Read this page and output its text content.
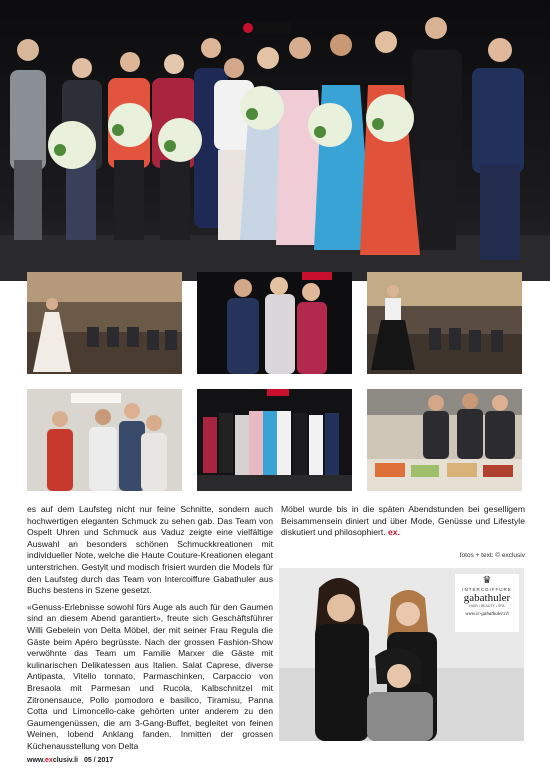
es auf dem Laufsteg nicht nur feine Schnitte, sondern auch hochwertigen eleganten Schmuck zu sehen gab. Das Team von Ospelt Uhren und Schmuck aus Vaduz zeigte eine vielfältige Auswahl an besonders schönen Schmuckkreationen mit individueller Note, welche die Haute Couture-Kreationen elegant unterstrichen. Gestylt und modisch frisiert wurden die Models für den Laufsteg durch das Team von Intercoiffure Gabathuler aus Buchs bestens in Szene gesetzt.

«Genuss-Erlebnisse sowohl fürs Auge als auch für den Gaumen sind an diesem Abend garantiert», freute sich Geschäftsführer Willi Gebelein von Delta Möbel, der mit seiner Frau Regula die Gäste beim Apéro begrüsste. Nach der grossen Fashion-Show verwöhnte das Team um Familie Marxer die Gäste mit kulinarischen Delikatessen aus Italien. Salat Caprese, diverse Antipasta, Vitello tonnato, Parmaschinken, Carpaccio von Bresaola mit Parmesan und Rucola, Kalbschnitzel mit Zitronensauce, Pollo pomodoro e basilico, Tiramisu, Panna Cotta und Limoncello-cake gehörten unter anderem zu den Gaumengenüssen, die am 3-Gang-Buffet, begleitet von feinen Weinen, lobend Anklang fanden. Inmitten der grossen Küchenausstellung von Delta

Möbel wurde bis in die späten Abendstunden bei geselligem Beisammensein diniert und über Mode, Genüsse und Lifestyle diskutiert und philosophiert. ex.
fotos + text: © exclusiv
♛
INTERCOIFFURE
gabathuler
HAIR • BEAUTY • SPA
www.ic-gabathuler.ch
www.exclusiv.li 05 / 2017
